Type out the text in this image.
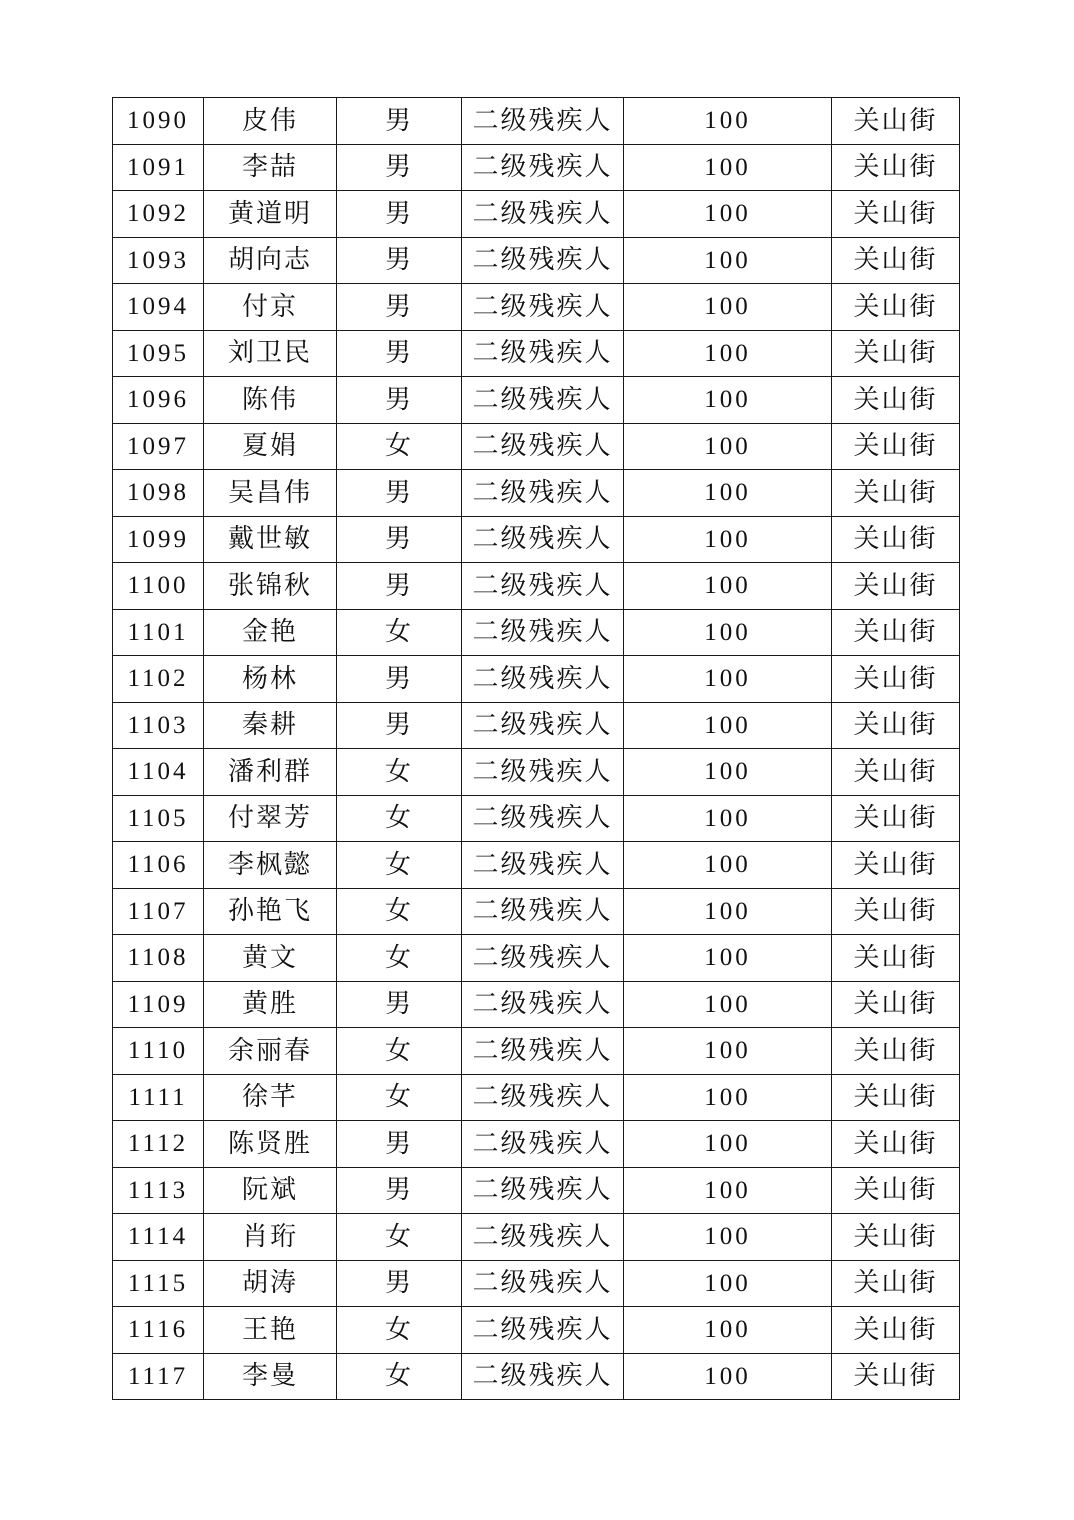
1090	皮伟	男	二级残疾人	100	关山街
1091	李喆	男	二级残疾人	100	关山街
1092	黄道明	男	二级残疾人	100	关山街
1093	胡向志	男	二级残疾人	100	关山街
1094	付京	男	二级残疾人	100	关山街
1095	刘卫民	男	二级残疾人	100	关山街
1096	陈伟	男	二级残疾人	100	关山街
1097	夏娟	女	二级残疾人	100	关山街
1098	吴昌伟	男	二级残疾人	100	关山街
1099	戴世敏	男	二级残疾人	100	关山街
1100	张锦秋	男	二级残疾人	100	关山街
1101	金艳	女	二级残疾人	100	关山街
1102	杨林	男	二级残疾人	100	关山街
1103	秦耕	男	二级残疾人	100	关山街
1104	潘利群	女	二级残疾人	100	关山街
1105	付翠芳	女	二级残疾人	100	关山街
1106	李枫懿	女	二级残疾人	100	关山街
1107	孙艳飞	女	二级残疾人	100	关山街
1108	黄文	女	二级残疾人	100	关山街
1109	黄胜	男	二级残疾人	100	关山街
1110	余丽春	女	二级残疾人	100	关山街
1111	徐芊	女	二级残疾人	100	关山街
1112	陈贤胜	男	二级残疾人	100	关山街
1113	阮斌	男	二级残疾人	100	关山街
1114	肖珩	女	二级残疾人	100	关山街
1115	胡涛	男	二级残疾人	100	关山街
1116	王艳	女	二级残疾人	100	关山街
1117	李曼	女	二级残疾人	100	关山街
